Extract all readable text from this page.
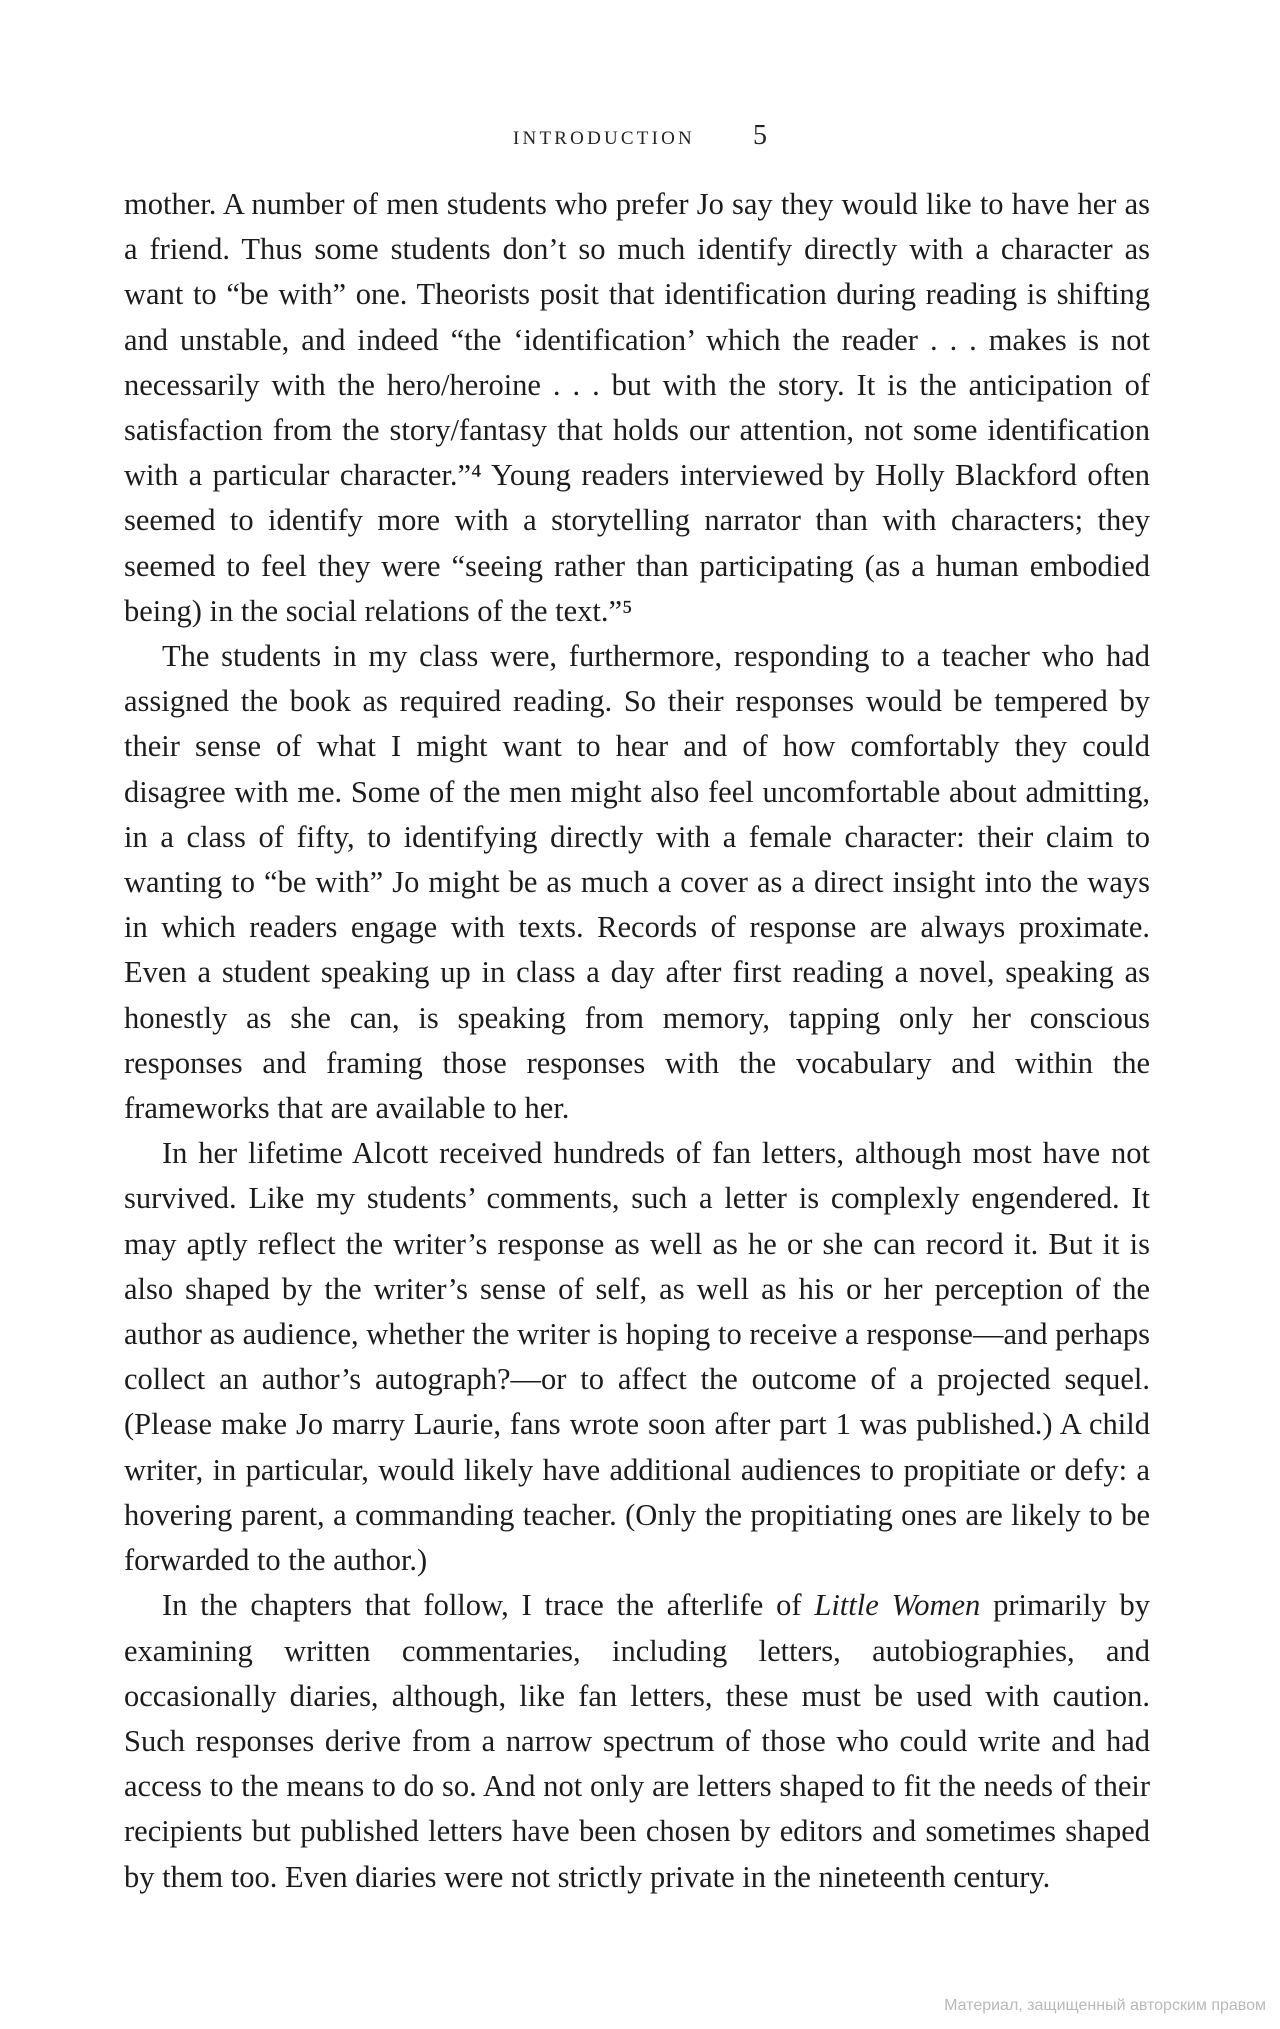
INTRODUCTION 5

mother. A number of men students who prefer Jo say they would like to have her as a friend. Thus some students don’t so much identify directly with a character as want to “be with” one. Theorists posit that identification during reading is shifting and unstable, and indeed “the ‘identification’ which the reader . . . makes is not necessarily with the hero/heroine . . . but with the story. It is the anticipation of satisfaction from the story/fantasy that holds our attention, not some identification with a particular character.”⁴ Young readers interviewed by Holly Blackford often seemed to identify more with a storytelling narrator than with characters; they seemed to feel they were “seeing rather than participating (as a human embodied being) in the social relations of the text.”⁵

The students in my class were, furthermore, responding to a teacher who had assigned the book as required reading. So their responses would be tempered by their sense of what I might want to hear and of how comfortably they could disagree with me. Some of the men might also feel uncomfortable about admitting, in a class of fifty, to identifying directly with a female character: their claim to wanting to “be with” Jo might be as much a cover as a direct insight into the ways in which readers engage with texts. Records of response are always proximate. Even a student speaking up in class a day after first reading a novel, speaking as honestly as she can, is speaking from memory, tapping only her conscious responses and framing those responses with the vocabulary and within the frameworks that are available to her.

In her lifetime Alcott received hundreds of fan letters, although most have not survived. Like my students’ comments, such a letter is complexly engendered. It may aptly reflect the writer’s response as well as he or she can record it. But it is also shaped by the writer’s sense of self, as well as his or her perception of the author as audience, whether the writer is hoping to receive a response—and perhaps collect an author’s autograph?—or to affect the outcome of a projected sequel. (Please make Jo marry Laurie, fans wrote soon after part 1 was published.) A child writer, in particular, would likely have additional audiences to propitiate or defy: a hovering parent, a commanding teacher. (Only the propitiating ones are likely to be forwarded to the author.)

In the chapters that follow, I trace the afterlife of Little Women primarily by examining written commentaries, including letters, autobiographies, and occasionally diaries, although, like fan letters, these must be used with caution. Such responses derive from a narrow spectrum of those who could write and had access to the means to do so. And not only are letters shaped to fit the needs of their recipients but published letters have been chosen by editors and sometimes shaped by them too. Even diaries were not strictly private in the nineteenth century.

Материал, защищенный авторским правом
